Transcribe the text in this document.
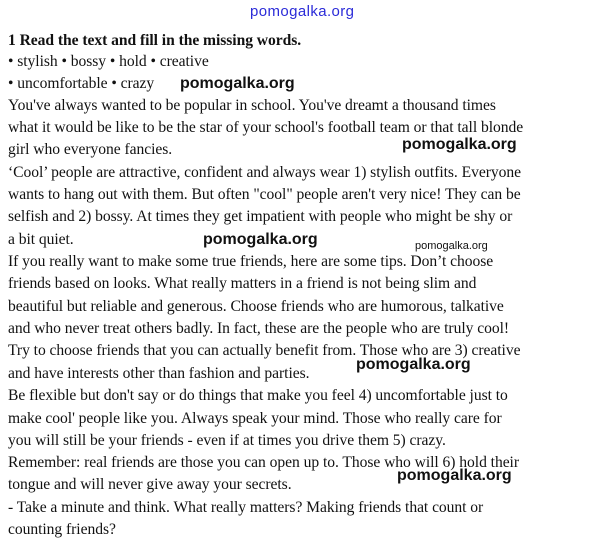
pomogalka.org
1 Read the text and fill in the missing words.
• stylish • bossy • hold • creative
• uncomfortable • crazy
You've always wanted to be popular in school. You've dreamt a thousand times
what it would be like to be the star of your school's football team or that tall blonde
girl who everyone fancies.
‘Cool’ people are attractive, confident and always wear 1) stylish outfits. Everyone
wants to hang out with them. But often "cool" people aren't very nice! They can be
selfish and 2) bossy. At times they get impatient with people who might be shy or
a bit quiet.
If you really want to make some true friends, here are some tips. Don’t choose
friends based on looks. What really matters in a friend is not being slim and
beautiful but reliable and generous. Choose friends who are humorous, talkative
and who never treat others badly. In fact, these are the people who are truly cool!
Try to choose friends that you can actually benefit from. Those who are 3) creative
and have interests other than fashion and parties.
Be flexible but don't say or do things that make you feel 4) uncomfortable just to
make cool' people like you. Always speak your mind. Those who really care for
you will still be your friends - even if at times you drive them 5) crazy.
Remember: real friends are those you can open up to. Those who will 6) hold their
tongue and will never give away your secrets.
- Take a minute and think. What really matters? Making friends that count or
counting friends?
pomogalka.org
pomogalka.org
pomogalka.org	pomogalka.org
pomogalka.org
pomogalka.org
